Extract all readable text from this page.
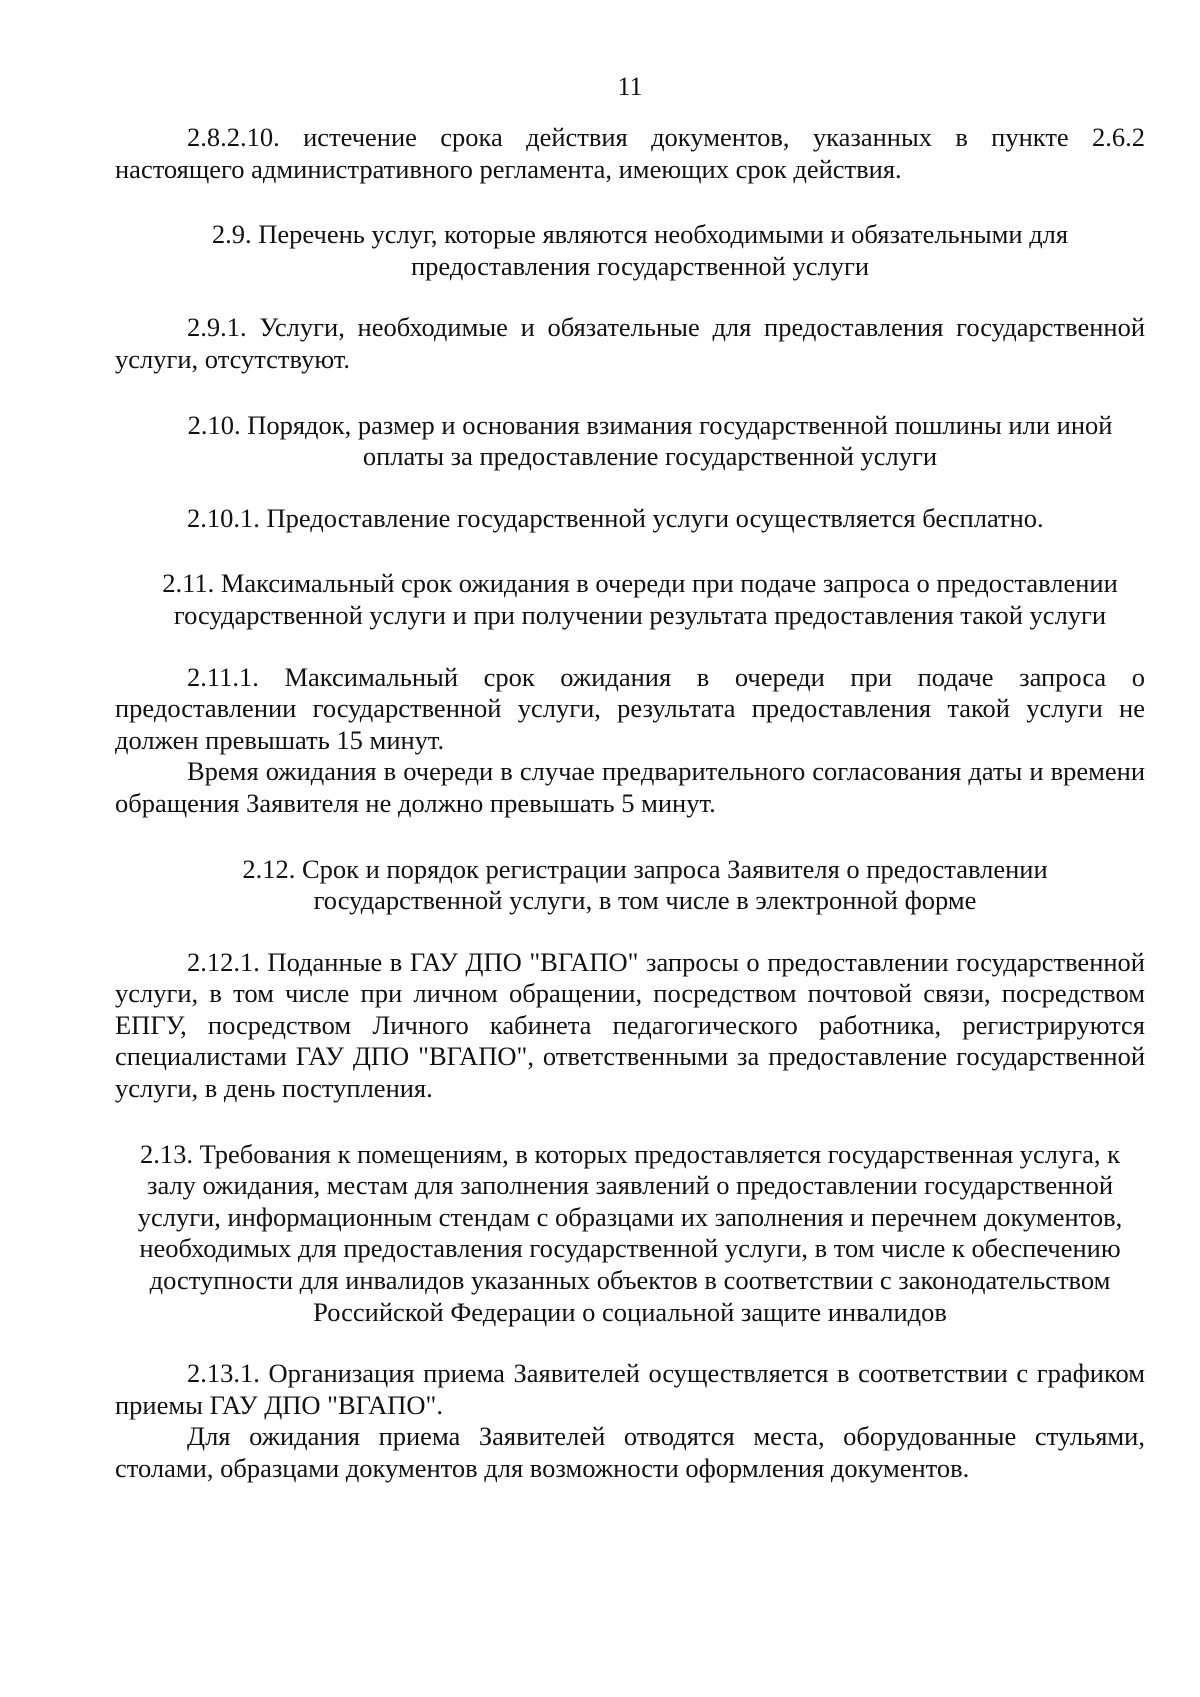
11

2.8.2.10. истечение срока действия документов, указанных в пункте 2.6.2 настоящего административного регламента, имеющих срок действия.

2.9. Перечень услуг, которые являются необходимыми и обязательными для предоставления государственной услуги

2.9.1. Услуги, необходимые и обязательные для предоставления государственной услуги, отсутствуют.

2.10. Порядок, размер и основания взимания государственной пошлины или иной оплаты за предоставление государственной услуги

2.10.1. Предоставление государственной услуги осуществляется бесплатно.

2.11. Максимальный срок ожидания в очереди при подаче запроса о предоставлении государственной услуги и при получении результата предоставления такой услуги

2.11.1. Максимальный срок ожидания в очереди при подаче запроса о предоставлении государственной услуги, результата предоставления такой услуги не должен превышать 15 минут.

Время ожидания в очереди в случае предварительного согласования даты и времени обращения Заявителя не должно превышать 5 минут.

2.12. Срок и порядок регистрации запроса Заявителя о предоставлении государственной услуги, в том числе в электронной форме

2.12.1. Поданные в ГАУ ДПО "ВГАПО" запросы о предоставлении государственной услуги, в том числе при личном обращении, посредством почтовой связи, посредством ЕПГУ, посредством Личного кабинета педагогического работника, регистрируются специалистами ГАУ ДПО "ВГАПО", ответственными за предоставление государственной услуги, в день поступления.

2.13. Требования к помещениям, в которых предоставляется государственная услуга, к залу ожидания, местам для заполнения заявлений о предоставлении государственной услуги, информационным стендам с образцами их заполнения и перечнем документов, необходимых для предоставления государственной услуги, в том числе к обеспечению доступности для инвалидов указанных объектов в соответствии с законодательством Российской Федерации о социальной защите инвалидов

2.13.1. Организация приема Заявителей осуществляется в соответствии с графиком приемы ГАУ ДПО "ВГАПО".

Для ожидания приема Заявителей отводятся места, оборудованные стульями, столами, образцами документов для возможности оформления документов.
